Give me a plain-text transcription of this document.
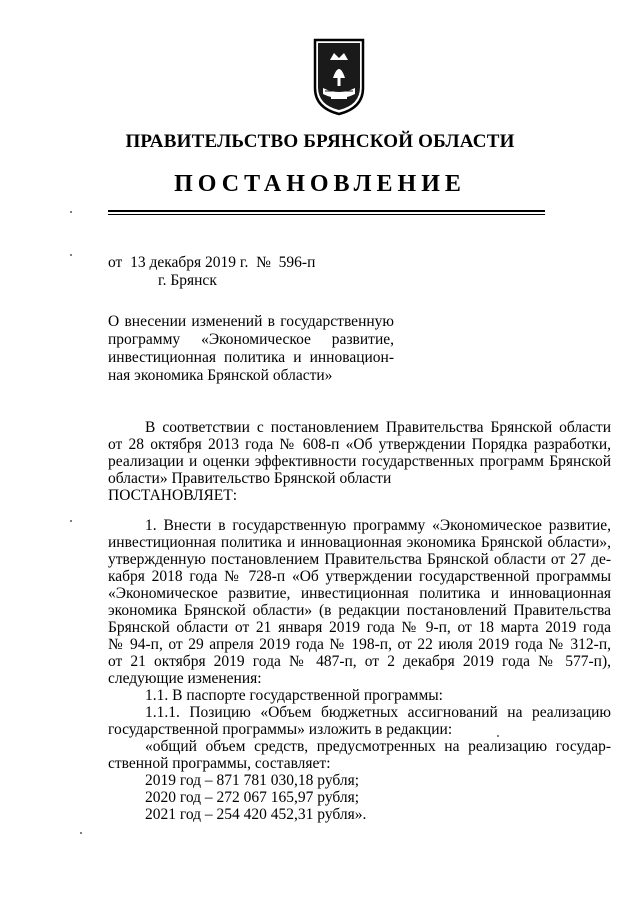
ПРАВИТЕЛЬСТВО БРЯНСКОЙ ОБЛАСТИ
ПОСТАНОВЛЕНИЕ
от  13 декабря 2019 г.  №  596-п
г. Брянск
О внесении изменений в государственную
программу «Экономическое развитие,
инвестиционная политика и инновацион-
ная экономика Брянской области»
В соответствии с постановлением Правительства Брянской области
от 28 октября 2013 года № 608-п «Об утверждении Порядка разработки,
реализации и оценки эффективности государственных программ Брянской
области» Правительство Брянской области
ПОСТАНОВЛЯЕТ:
1. Внести в государственную программу «Экономическое развитие,
инвестиционная политика и инновационная экономика Брянской области»,
утвержденную постановлением Правительства Брянской области от 27 де-
кабря 2018 года № 728-п «Об утверждении государственной программы
«Экономическое развитие, инвестиционная политика и инновационная
экономика Брянской области» (в редакции постановлений Правительства
Брянской области от 21 января 2019 года № 9-п, от 18 марта 2019 года
№ 94-п, от 29 апреля 2019 года № 198-п, от 22 июля 2019 года № 312-п,
от 21 октября 2019 года № 487-п, от 2 декабря 2019 года № 577-п),
следующие изменения:
1.1. В паспорте государственной программы:
1.1.1. Позицию «Объем бюджетных ассигнований на реализацию
государственной программы» изложить в редакции:
«общий объем средств, предусмотренных на реализацию государ-
ственной программы, составляет:
2019 год – 871 781 030,18 рубля;
2020 год – 272 067 165,97 рубля;
2021 год – 254 420 452,31 рубля».
